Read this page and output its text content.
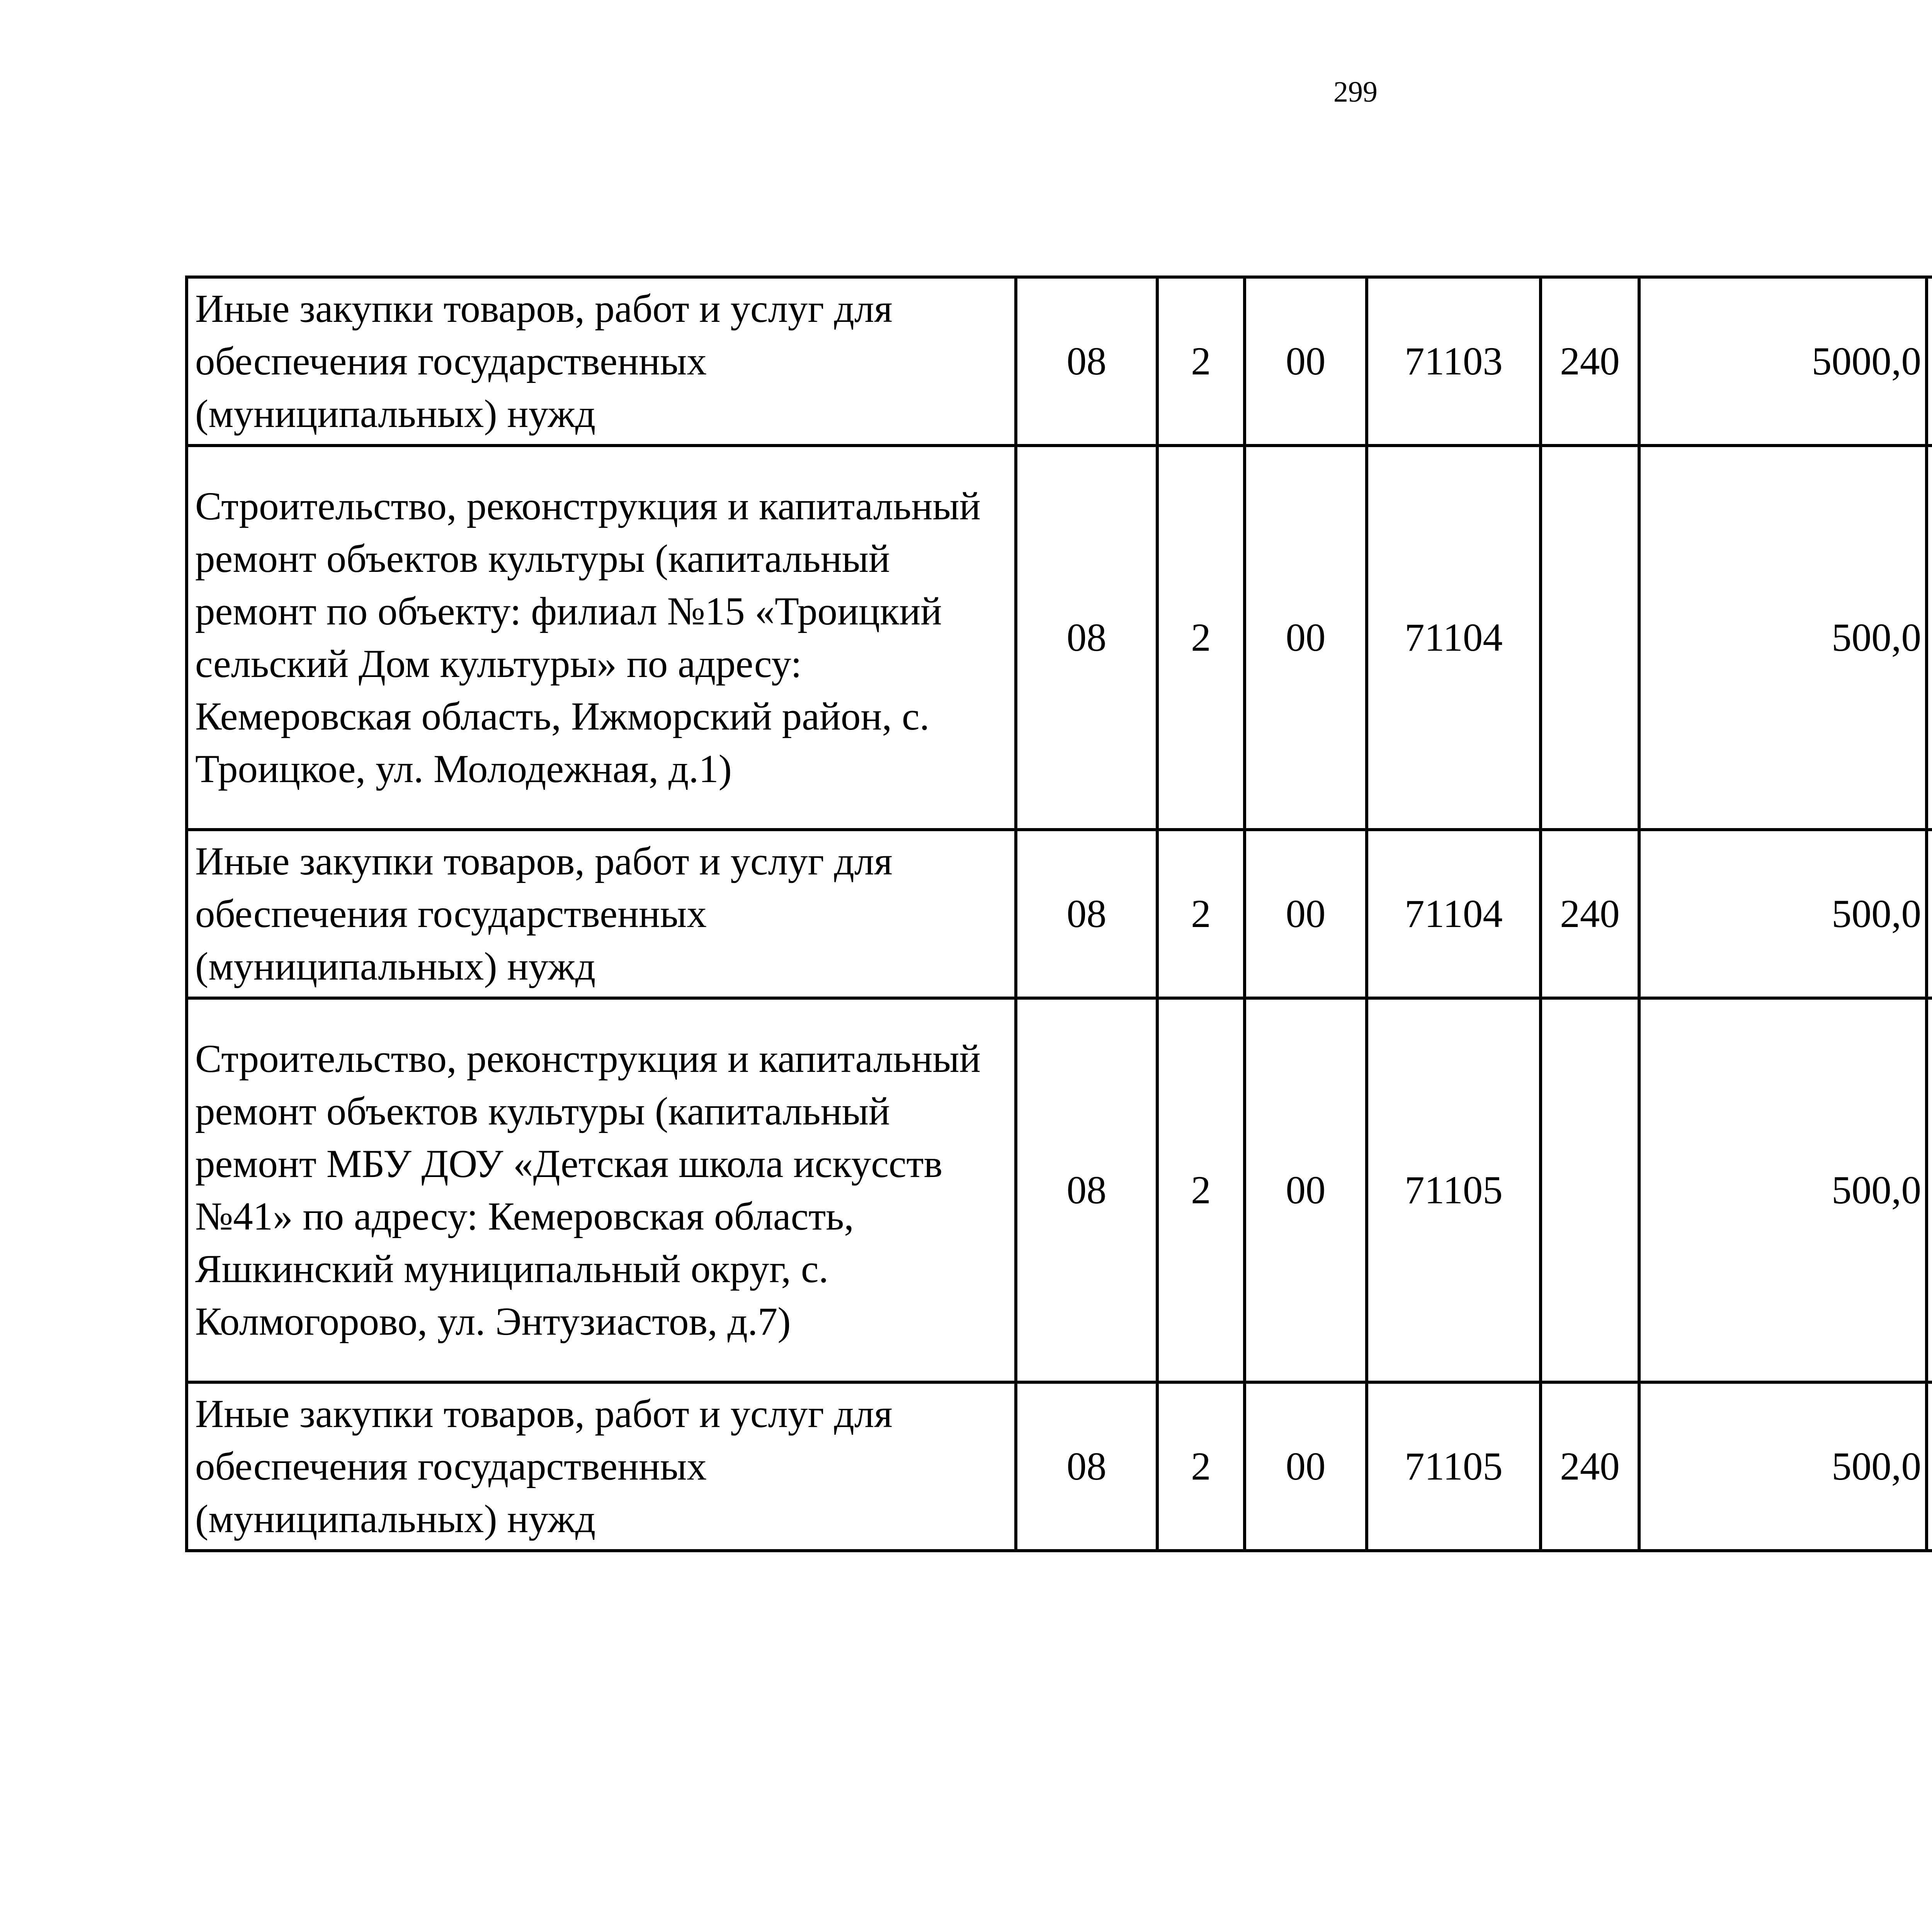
299
Иные закупки товаров, работ и услуг для обеспечения государственных (муниципальных) нужд	08	2	00	71103	240	5000,0		
Строительство, реконструкция и капитальный ремонт объектов культуры (капитальный ремонт по объекту: филиал №15 «Троицкий сельский Дом культуры» по адресу: Кемеровская область, Ижморский район, с. Троицкое, ул. Молодежная, д.1)	08	2	00	71104		500,0		
Иные закупки товаров, работ и услуг для обеспечения государственных (муниципальных) нужд	08	2	00	71104	240	500,0		
Строительство, реконструкция и капитальный ремонт объектов культуры (капитальный ремонт МБУ ДОУ «Детская школа искусств №41» по адресу: Кемеровская область, Яшкинский муниципальный округ, с. Колмогорово, ул. Энтузиастов, д.7)	08	2	00	71105		500,0		
Иные закупки товаров, работ и услуг для обеспечения государственных (муниципальных) нужд	08	2	00	71105	240	500,0		
